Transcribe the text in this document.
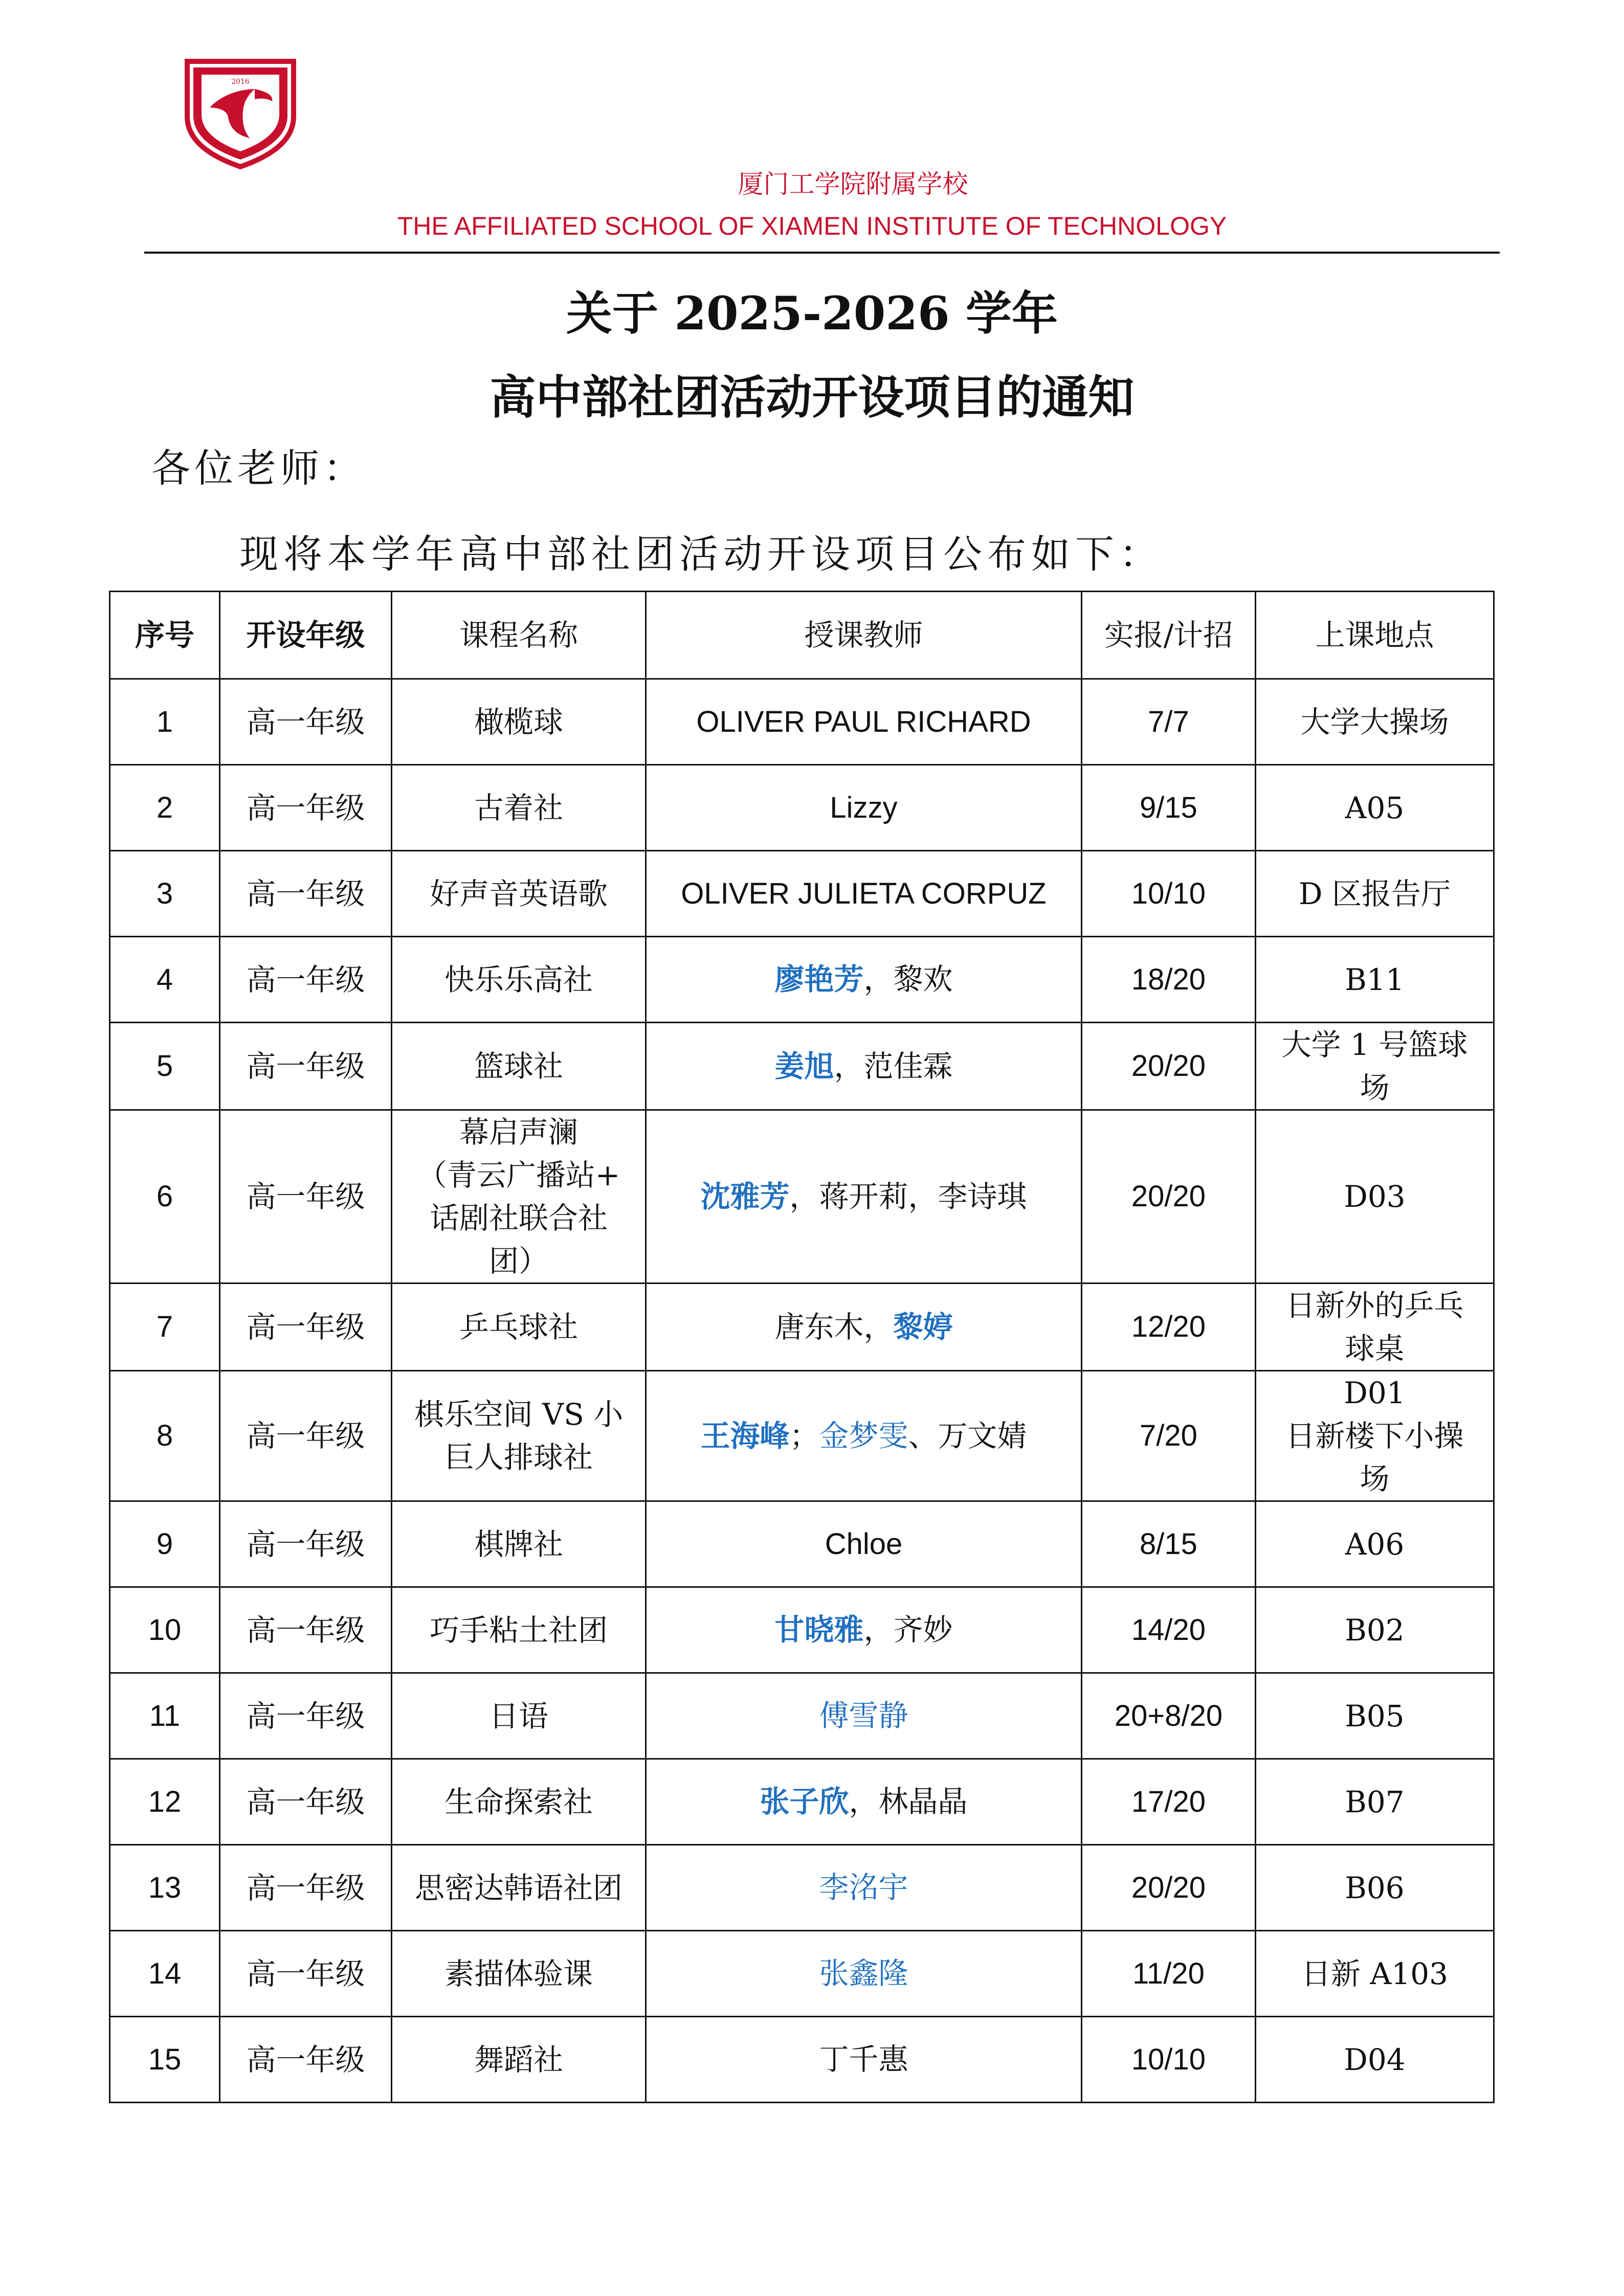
2016
厦门工学院附属学校
THE AFFILIATED SCHOOL OF XIAMEN INSTITUTE OF TECHNOLOGY
关于 2025-2026 学年
高中部社团活动开设项目的通知
各位老师：
现将本学年高中部社团活动开设项目公布如下：
序号	开设年级	课程名称	授课教师	实报/计招	上课地点
1	高一年级	橄榄球	OLIVER PAUL RICHARD	7/7	大学大操场

2	高一年级	古着社	Lizzy	9/15	A05

3	高一年级	好声音英语歌	OLIVER JULIETA CORPUZ	10/10	D 区报告厅

4	高一年级	快乐乐高社	廖艳芳，黎欢	18/20	B11

5	高一年级	篮球社	姜旭，范佳霖	20/20	大学 1 号篮球
场

6	高一年级	幕启声澜
（青云广播站+
话剧社联合社
团）	沈雅芳，蒋开莉，李诗琪	20/20	D03

7	高一年级	乒乓球社	唐东木，黎婷	12/20	日新外的乒乓
球桌

8	高一年级	棋乐空间 VS 小
巨人排球社	王海峰；金梦雯、万文婧	7/20	D01
日新楼下小操
场

9	高一年级	棋牌社	Chloe	8/15	A06

10	高一年级	巧手粘土社团	甘晓雅，齐妙	14/20	B02

11	高一年级	日语	傅雪静	20+8/20	B05

12	高一年级	生命探索社	张子欣，林晶晶	17/20	B07

13	高一年级	思密达韩语社团	李洺宇	20/20	B06

14	高一年级	素描体验课	张鑫隆	11/20	日新 A103

15	高一年级	舞蹈社	丁千惠	10/10	D04
